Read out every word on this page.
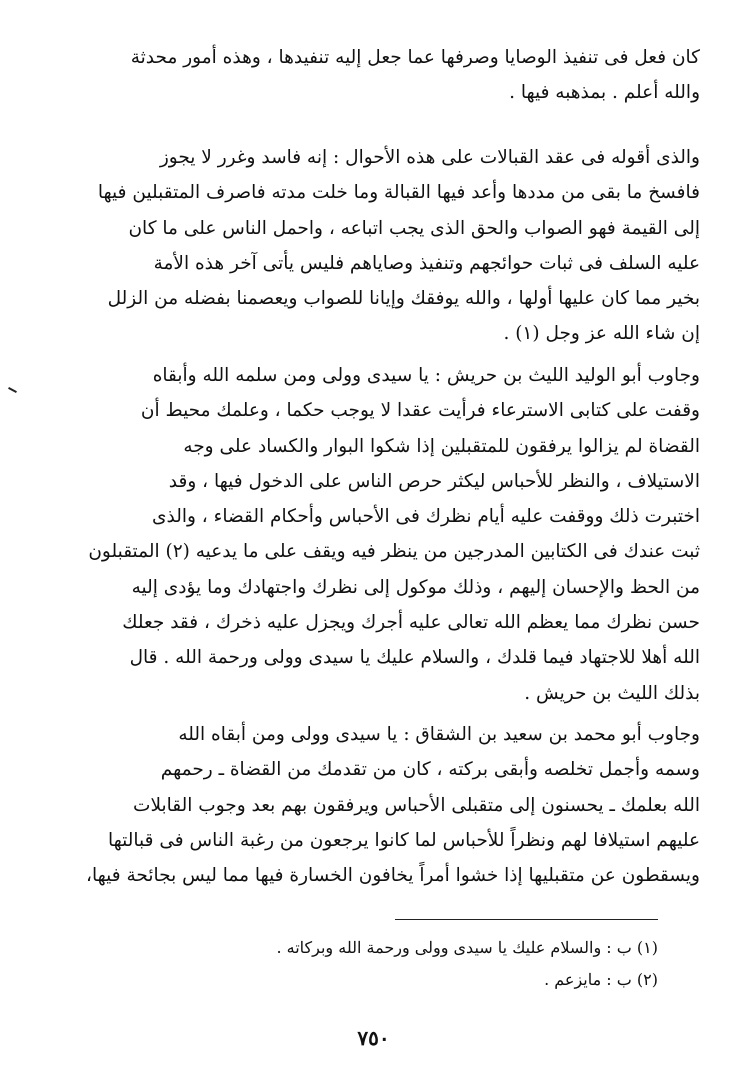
كان فعل فى تنفيذ الوصايا وصرفها عما جعل إليه تنفيدها ، وهذه أمور محدثة
والله أعلم . بمذهبه فيها .
والذى أقوله فى عقد القبالات على هذه الأحوال : إنه فاسد وغرر لا يجوز
فافسخ ما بقى من مددها وأعد فيها القبالة وما خلت مدته فاصرف المتقبلين فيها
إلى القيمة فهو الصواب والحق الذى يجب اتباعه ، واحمل الناس على ما كان
عليه السلف فى ثبات حوائجهم وتنفيذ وصاياهم فليس يأتى آخر هذه الأمة
بخير مما كان عليها أولها ، والله يوفقك وإيانا للصواب ويعصمنا بفضله من الزلل
إن شاء الله عز وجل (١) .
وجاوب أبو الوليد الليث بن حريش : يا سيدى وولى ومن سلمه الله وأبقاه
وقفت على كتابى الاسترعاء فرأيت عقدا لا يوجب حكما ، وعلمك محيط أن
القضاة لم يزالوا يرفقون للمتقبلين إذا شكوا البوار والكساد على وجه
الاستيلاف ، والنظر للأحباس ليكثر حرص الناس على الدخول فيها ، وقد
اختبرت ذلك ووقفت عليه أيام نظرك فى الأحباس وأحكام القضاء ، والذى
ثبت عندك فى الكتابين المدرجين من ينظر فيه ويقف على ما يدعيه (٢) المتقبلون
من الحظ والإحسان إليهم ، وذلك موكول إلى نظرك واجتهادك وما يؤدى إليه
حسن نظرك مما يعظم الله تعالى عليه أجرك ويجزل عليه ذخرك ، فقد جعلك
الله أهلا للاجتهاد فيما قلدك ، والسلام عليك يا سيدى وولى ورحمة الله . قال
بذلك الليث بن حريش .
وجاوب أبو محمد بن سعيد بن الشقاق : يا سيدى وولى ومن أبقاه الله
وسمه وأجمل تخلصه وأبقى بركته ، كان من تقدمك من القضاة ـ رحمهم
الله بعلمك ـ يحسنون إلى متقبلى الأحباس ويرفقون بهم بعد وجوب القابلات
عليهم استيلافا لهم ونظراً للأحباس لما كانوا يرجعون من رغبة الناس فى قبالتها
ويسقطون عن متقبليها إذا خشوا أمراً يخافون الخسارة فيها مما ليس بجائحة فيها،
(١) ب : والسلام عليك يا سيدى وولى ورحمة الله وبركاته .
(٢) ب : مايزعم .
٧٥٠
